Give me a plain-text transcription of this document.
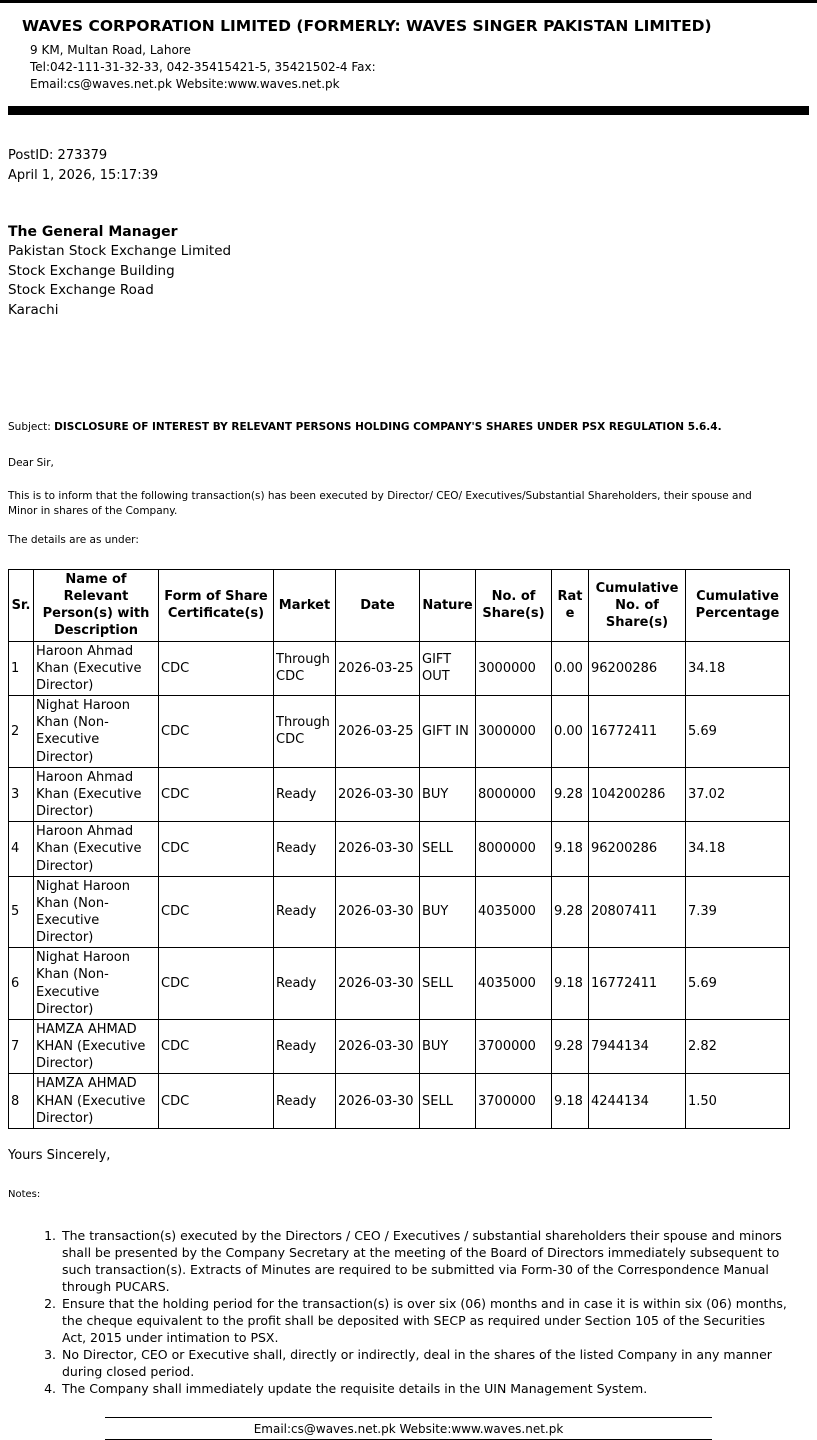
WAVES CORPORATION LIMITED (FORMERLY: WAVES SINGER PAKISTAN LIMITED)
9 KM, Multan Road, Lahore
Tel:042-111-31-32-33, 042-35415421-5, 35421502-4 Fax:
Email:cs@waves.net.pk Website:www.waves.net.pk
PostID: 273379
April 1, 2026, 15:17:39
The General Manager
Pakistan Stock Exchange Limited
Stock Exchange Building
Stock Exchange Road
Karachi

Subject: DISCLOSURE OF INTEREST BY RELEVANT PERSONS HOLDING COMPANY'S SHARES UNDER PSX REGULATION 5.6.4.

Dear Sir,

This is to inform that the following transaction(s) has been executed by Director/ CEO/ Executives/Substantial Shareholders, their spouse and Minor in shares of the Company.

The details are as under:

Sr.	Name of Relevant Person(s) with Description	Form of Share Certificate(s)	Market	Date	Nature	No. of Share(s)	Rate	Cumulative No. of Share(s)	Cumulative Percentage
1	Haroon Ahmad Khan (Executive Director)	CDC	Through CDC	2026-03-25	GIFT OUT	3000000	0.00	96200286	34.18
2	Nighat Haroon Khan (Non-Executive Director)	CDC	Through CDC	2026-03-25	GIFT IN	3000000	0.00	16772411	5.69
3	Haroon Ahmad Khan (Executive Director)	CDC	Ready	2026-03-30	BUY	8000000	9.28	104200286	37.02
4	Haroon Ahmad Khan (Executive Director)	CDC	Ready	2026-03-30	SELL	8000000	9.18	96200286	34.18
5	Nighat Haroon Khan (Non-Executive Director)	CDC	Ready	2026-03-30	BUY	4035000	9.28	20807411	7.39
6	Nighat Haroon Khan (Non-Executive Director)	CDC	Ready	2026-03-30	SELL	4035000	9.18	16772411	5.69
7	HAMZA AHMAD KHAN (Executive Director)	CDC	Ready	2026-03-30	BUY	3700000	9.28	7944134	2.82
8	HAMZA AHMAD KHAN (Executive Director)	CDC	Ready	2026-03-30	SELL	3700000	9.18	4244134	1.50

Yours Sincerely,

Notes:

1. The transaction(s) executed by the Directors / CEO / Executives / substantial shareholders their spouse and minors shall be presented by the Company Secretary at the meeting of the Board of Directors immediately subsequent to such transaction(s). Extracts of Minutes are required to be submitted via Form-30 of the Correspondence Manual through PUCARS.
2. Ensure that the holding period for the transaction(s) is over six (06) months and in case it is within six (06) months, the cheque equivalent to the profit shall be deposited with SECP as required under Section 105 of the Securities Act, 2015 under intimation to PSX.
3. No Director, CEO or Executive shall, directly or indirectly, deal in the shares of the listed Company in any manner during closed period.
4. The Company shall immediately update the requisite details in the UIN Management System.
Email:cs@waves.net.pk Website:www.waves.net.pk
